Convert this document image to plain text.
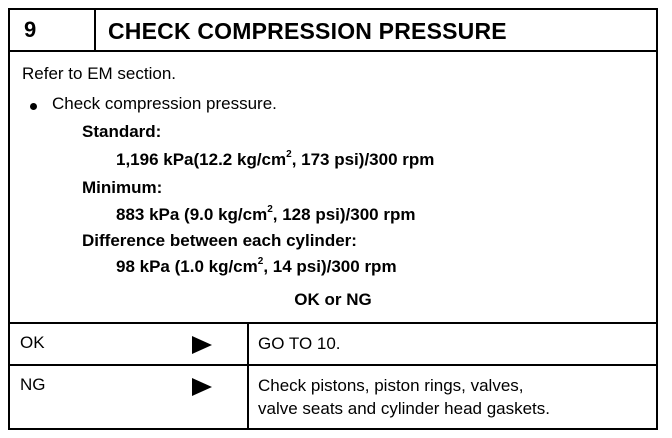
9	CHECK COMPRESSION PRESSURE
Refer to EM section.
Check compression pressure.
Standard:
1,196 kPa(12.2 $kg/cm^2$, 173 psi)/300 rpm
Minimum:
883 kPa (9.0 $kg/cm^2$, 128 psi)/300 rpm
Difference between each cylinder:
98 kPa (1.0 $kg/cm^2$, 14 psi)/300 rpm
OK or NG
OK	GO TO 10.
NG	Check pistons, piston rings, valves,
valve seats and cylinder head gaskets.
